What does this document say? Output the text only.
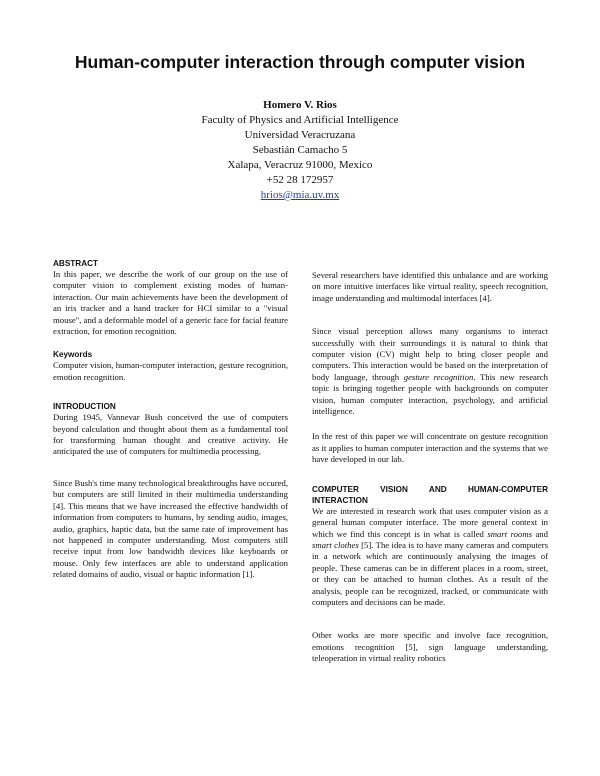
Human-computer interaction through computer vision
Homero V. Rios
Faculty of Physics and Artificial Intelligence
Universidad Veracruzana
Sebastián Camacho 5
Xalapa, Veracruz 91000, Mexico
+52 28 172957
hrios@mia.uv.mx
ABSTRACT
In this paper, we describe the work of our group on the use of computer vision to complement existing modes of human-interaction. Our main achievements have been the development of an iris tracker and a hand tracker for HCI similar to a "visual mouse", and a deformable model of a generic face for facial feature extraction, for emotion recognition.
Keywords
Computer vision, human-computer interaction, gesture recognition, emotion recognition.
INTRODUCTION
During 1945, Vannevar Bush conceived the use of computers beyond calculation and thought about them as a fundamental tool for transforming human thought and creative activity. He anticipated the use of computers for multimedia processing.
Since Bush's time many technological breakthroughs have occured, but computers are still limited in their multimedia understanding [4]. This means that we have increased the effective bandwidth of information from computers to humans, by sending audio, images, audio, graphics, haptic data, but the same rate of improvement has not happened in computer understanding. Most computers still receive input from low bandwidth devices like keyboards or mouse. Only few interfaces are able to understand application related domains of audio, visual or haptic information [1].
Several researchers have identified this unbalance and are working on more intuitive interfaces like virtual reality, speech recognition, image understanding and multimodal interfaces [4].
Since visual perception allows many organisms to interact successfully with their surroundings it is natural to think that computer vision (CV) might help to bring closer people and computers. This interaction would be based on the interpretation of body language, through gesture recognition. This new research topic is bringing together people with backgrounds on computer vision, human computer interaction, psychology, and artificial intelligence.
In the rest of this paper we will concentrate on gesture recognition as it applies to human computer interaction and the systems that we have developed in our lab.
COMPUTER VISION AND HUMAN-COMPUTER
INTERACTION
We are interested in research work that uses computer vision as a general human computer interface. The more general context in which we find this concept is in what is called smart rooms and smart clothes [5]. The idea is to have many cameras and computers in a network which are continuously analysing the images of people. These cameras can be in different places in a room, street, or they can be attached to human clothes. As a result of the analysis, people can be recognized, tracked, or communicate with computers and decisions can be made.
Other works are more specific and involve face recognition, emotions recognition [5], sign language understanding, teleoperation in virtual reality robotics
